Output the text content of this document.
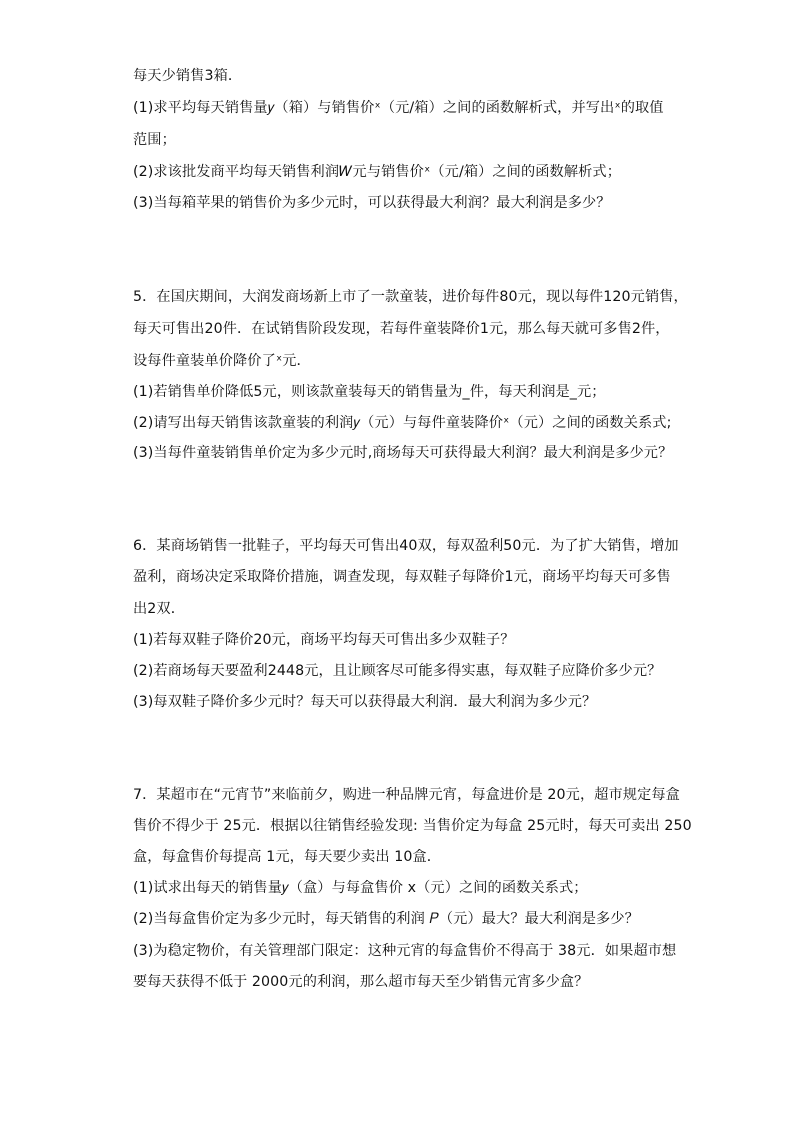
每天少销售3箱．
(1)求平均每天销售量𝑦（箱）与销售价ˣ（元/箱）之间的函数解析式，并写出ˣ的取值
范围；
(2)求该批发商平均每天销售利润𝑊元与销售价ˣ（元/箱）之间的函数解析式；
(3)当每箱苹果的销售价为多少元时，可以获得最大利润？最大利润是多少？
5．在国庆期间，大润发商场新上市了一款童装，进价每件80元，现以每件120元销售，
每天可售出20件．在试销售阶段发现，若每件童装降价1元，那么每天就可多售2件，
设每件童装单价降价了ˣ元．
(1)若销售单价降低5元，则该款童装每天的销售量为_件，每天利润是_元；
(2)请写出每天销售该款童装的利润𝑦（元）与每件童装降价ˣ（元）之间的函数关系式;
(3)当每件童装销售单价定为多少元时,商场每天可获得最大利润？最大利润是多少元？
6．某商场销售一批鞋子，平均每天可售出40双，每双盈利50元．为了扩大销售，增加
盈利，商场决定采取降价措施，调查发现，每双鞋子每降价1元，商场平均每天可多售
出2双．
(1)若每双鞋子降价20元，商场平均每天可售出多少双鞋子？
(2)若商场每天要盈利2448元，且让顾客尽可能多得实惠，每双鞋子应降价多少元？
(3)每双鞋子降价多少元时？每天可以获得最大利润．最大利润为多少元？
7．某超市在“元宵节”来临前夕，购进一种品牌元宵，每盒进价是 20元，超市规定每盒
售价不得少于 25元．根据以往销售经验发现: 当售价定为每盒 25元时，每天可卖出 250
盒，每盒售价每提高 1元，每天要少卖出 10盒．
(1)试求出每天的销售量𝑦（盒）与每盒售价 x（元）之间的函数关系式；
(2)当每盒售价定为多少元时，每天销售的利润 𝑃（元）最大？最大利润是多少？
(3)为稳定物价，有关管理部门限定：这种元宵的每盒售价不得高于 38元．如果超市想
要每天获得不低于 2000元的利润，那么超市每天至少销售元宵多少盒？
